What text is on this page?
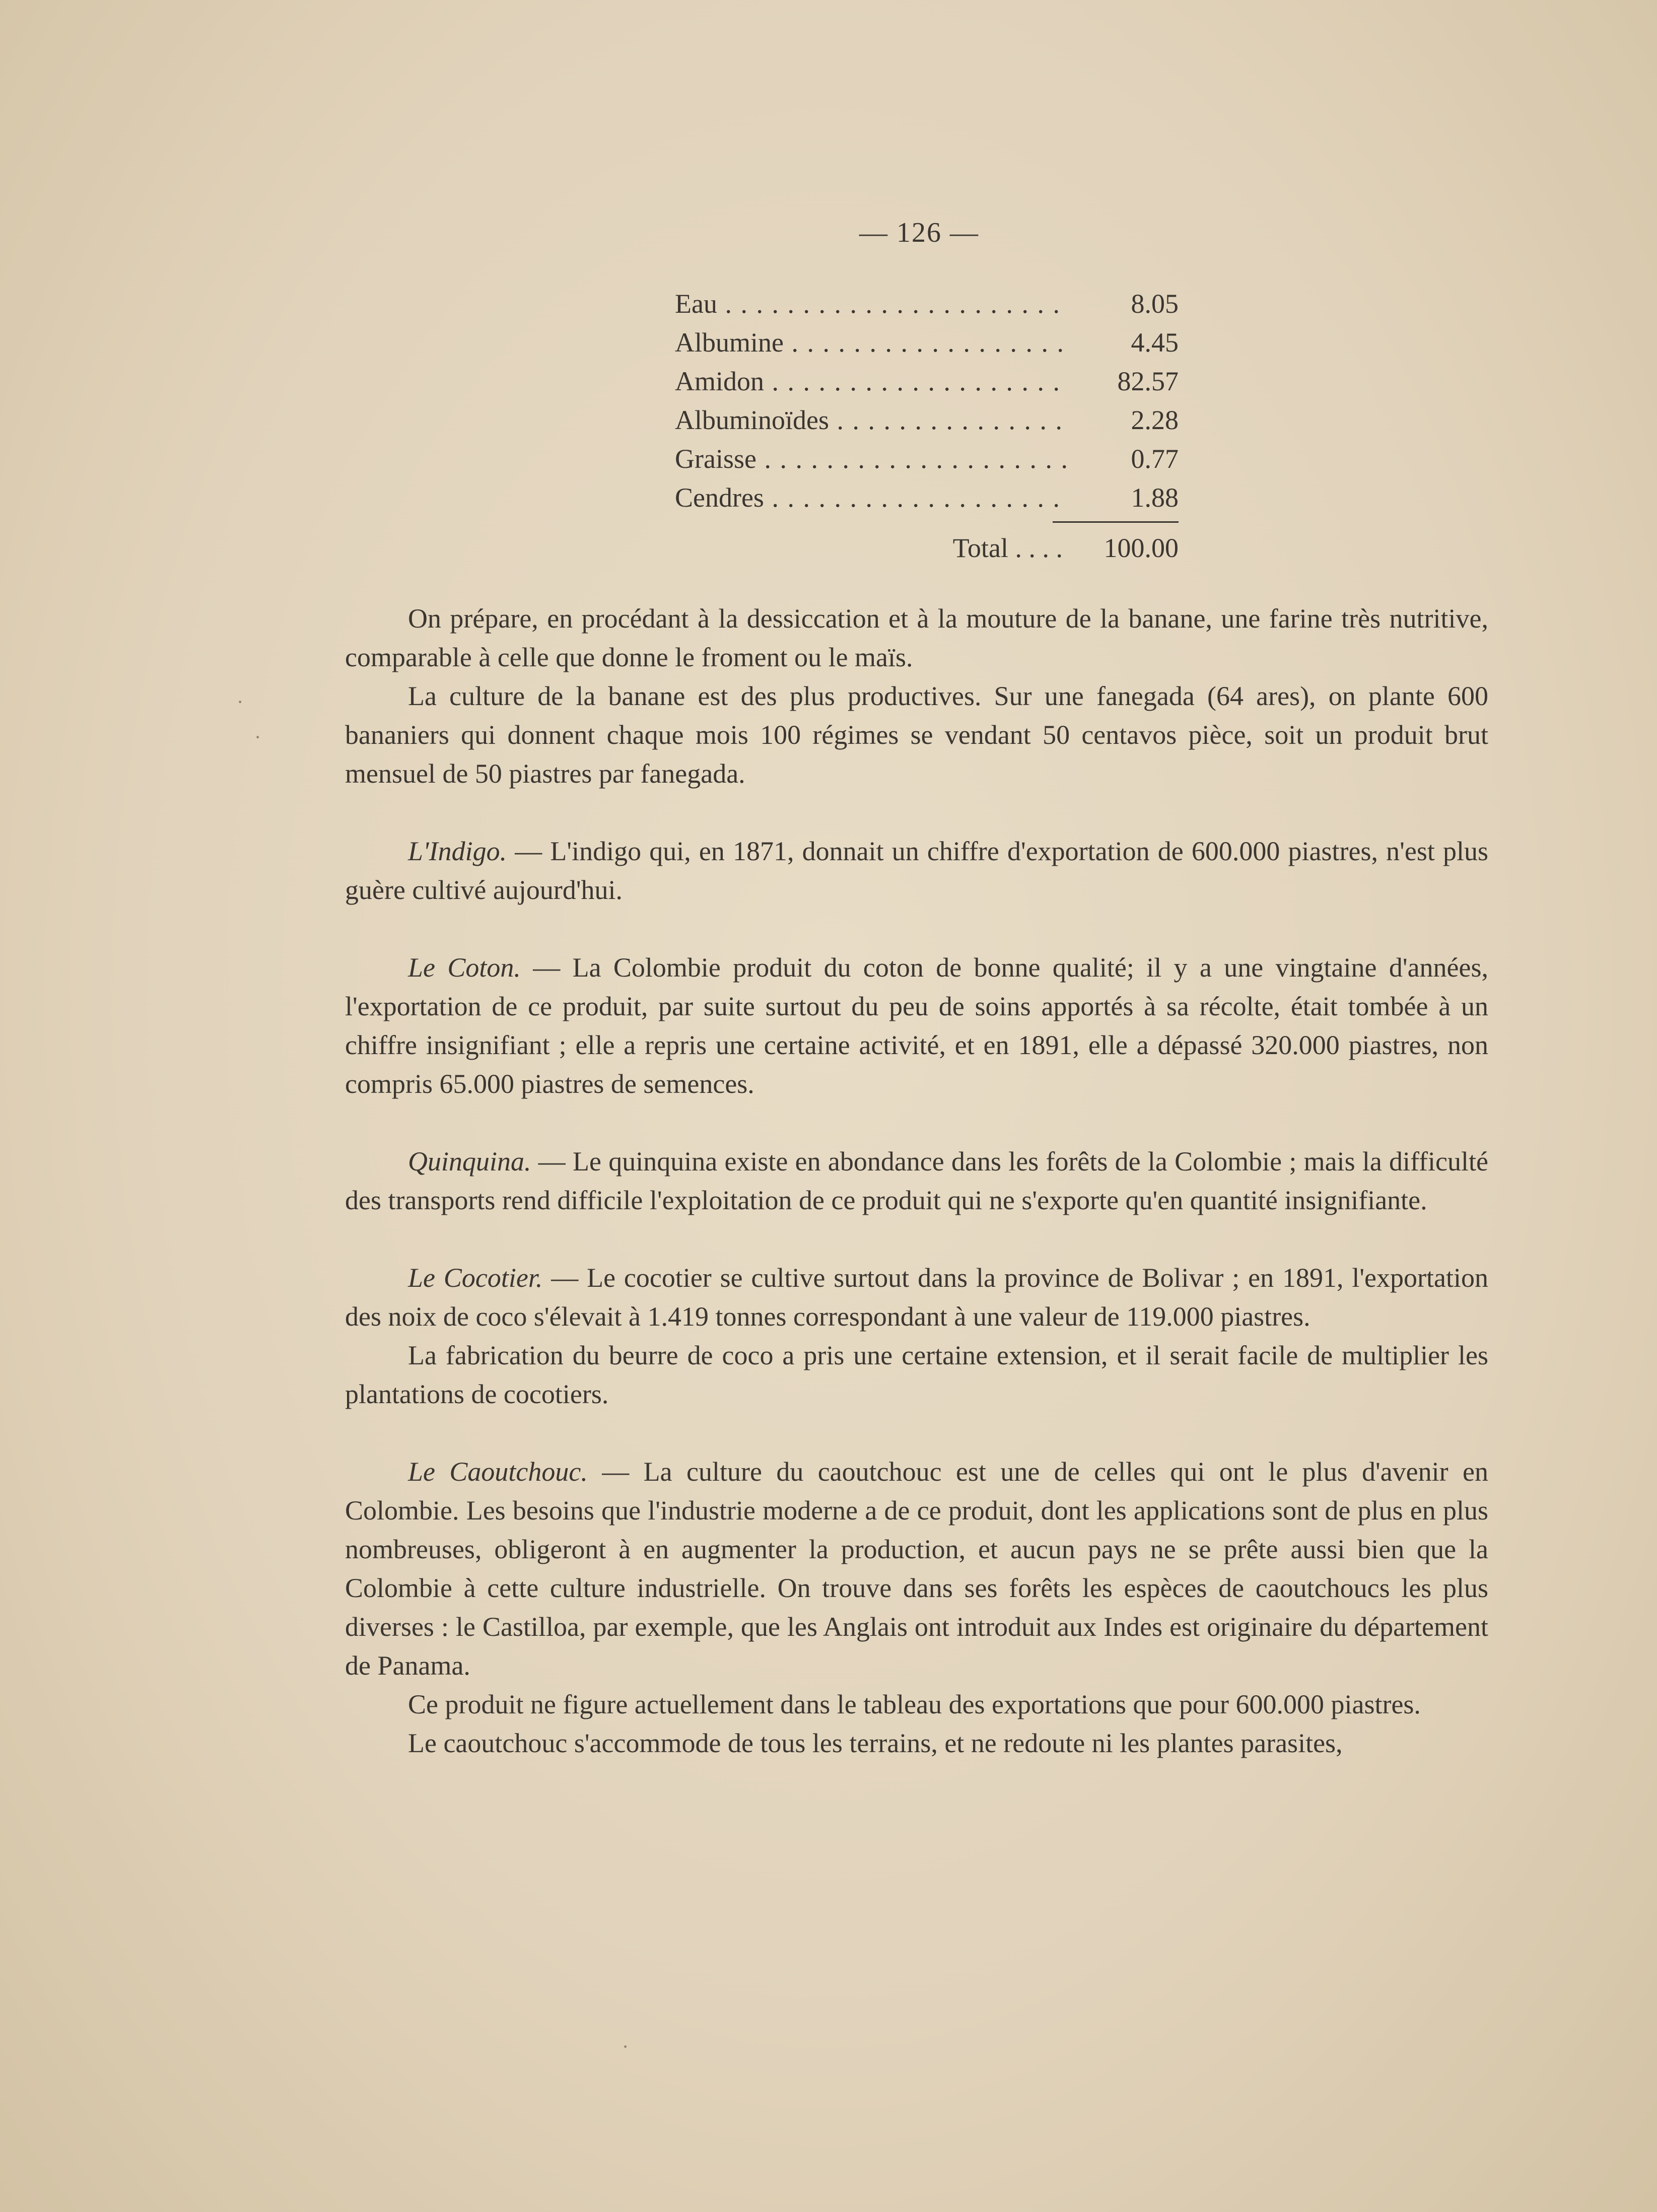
— 126 —
Eau . . .	8.05
Albumine . . .	4.45
Amidon . . .	82.57
Albuminoïdes . . .	2.28
Graisse . . .	0.77
Cendres . . .	1.88
Total . . . .	100.00

On prépare, en procédant à la dessiccation et à la mouture de la banane, une farine très nutritive, comparable à celle que donne le froment ou le maïs.

La culture de la banane est des plus productives. Sur une fanegada (64 ares), on plante 600 bananiers qui donnent chaque mois 100 régimes se vendant 50 centavos pièce, soit un produit brut mensuel de 50 piastres par fanegada.

L'Indigo. — L'indigo qui, en 1871, donnait un chiffre d'exportation de 600.000 piastres, n'est plus guère cultivé aujourd'hui.

Le Coton. — La Colombie produit du coton de bonne qualité; il y a une vingtaine d'années, l'exportation de ce produit, par suite surtout du peu de soins apportés à sa récolte, était tombée à un chiffre insignifiant ; elle a repris une certaine activité, et en 1891, elle a dépassé 320.000 piastres, non compris 65.000 piastres de semences.

Quinquina. — Le quinquina existe en abondance dans les forêts de la Colombie ; mais la difficulté des transports rend difficile l'exploitation de ce produit qui ne s'exporte qu'en quantité insignifiante.

Le Cocotier. — Le cocotier se cultive surtout dans la province de Bolivar ; en 1891, l'exportation des noix de coco s'élevait à 1.419 tonnes correspondant à une valeur de 119.000 piastres.

La fabrication du beurre de coco a pris une certaine extension, et il serait facile de multiplier les plantations de cocotiers.

Le Caoutchouc. — La culture du caoutchouc est une de celles qui ont le plus d'avenir en Colombie. Les besoins que l'industrie moderne a de ce produit, dont les applications sont de plus en plus nombreuses, obligeront à en augmenter la production, et aucun pays ne se prête aussi bien que la Colombie à cette culture industrielle. On trouve dans ses forêts les espèces de caoutchoucs les plus diverses : le Castilloa, par exemple, que les Anglais ont introduit aux Indes est originaire du département de Panama.

Ce produit ne figure actuellement dans le tableau des exportations que pour 600.000 piastres.

Le caoutchouc s'accommode de tous les terrains, et ne redoute ni les plantes parasites,

·
·
·
